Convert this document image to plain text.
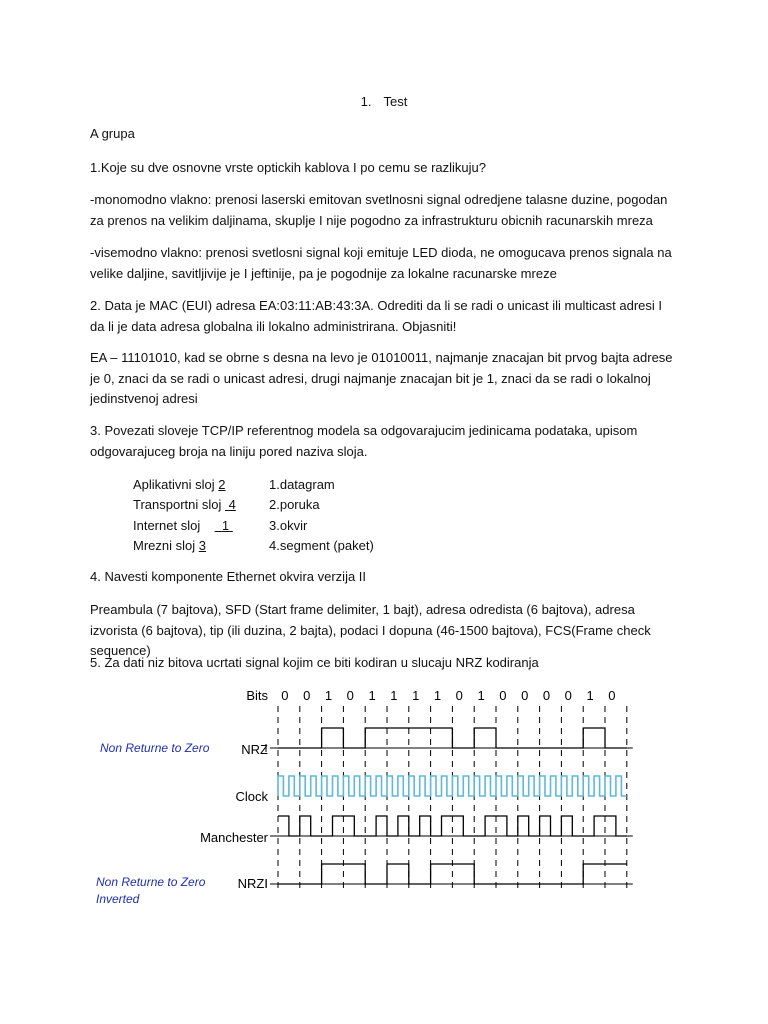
1. Test

A grupa

1.Koje su dve osnovne vrste optickih kablova I po cemu se razlikuju?

-monomodno vlakno: prenosi laserski emitovan svetlnosni signal odredjene talasne duzine, pogodan za prenos na velikim daljinama, skuplje I nije pogodno za infrastrukturu obicnih racunarskih mreza

-visemodno vlakno: prenosi svetlosni signal koji emituje LED dioda, ne omogucava prenos signala na velike daljine, savitljivije je I jeftinije, pa je pogodnije za lokalne racunarske mreze

2. Data je MAC (EUI) adresa EA:03:11:AB:43:3A. Odrediti da li se radi o unicast ili multicast adresi I da li je data adresa globalna ili lokalno administrirana. Objasniti!

EA – 11101010, kad se obrne s desna na levo je 01010011, najmanje znacajan bit prvog bajta adrese je 0, znaci da se radi o unicast adresi, drugi najmanje znacajan bit je 1, znaci da se radi o lokalnoj jedinstvenoj adresi

3. Povezati sloveje TCP/IP referentnog modela sa odgovarajucim jedinicama podataka, upisom odgovarajuceg broja na liniju pored naziva sloja.

Aplikativni sloj 2	1.datagram
Transportni sloj 4	2.poruka
Internet sloj 1	3.okvir
Mrezni sloj 3	4.segment (paket)

4. Navesti komponente Ethernet okvira verzija II

Preambula (7 bajtova), SFD (Start frame delimiter, 1 bajt), adresa odredista (6 bajtova), adresa izvorista (6 bajtova), tip (ili duzina, 2 bajta), podaci I dopuna (46-1500 bajtova), FCS(Frame check sequence)

5. Za dati niz bitova ucrtati signal kojim ce biti kodiran u slucaju NRZ kodiranja

Bits 0 0 1 0 1 1 1 1 0 1 0 0 0 0 1 0
NRZ
Clock
Manchester
NRZI
Non Returne to Zero
Non Returne to Zero
Inverted
